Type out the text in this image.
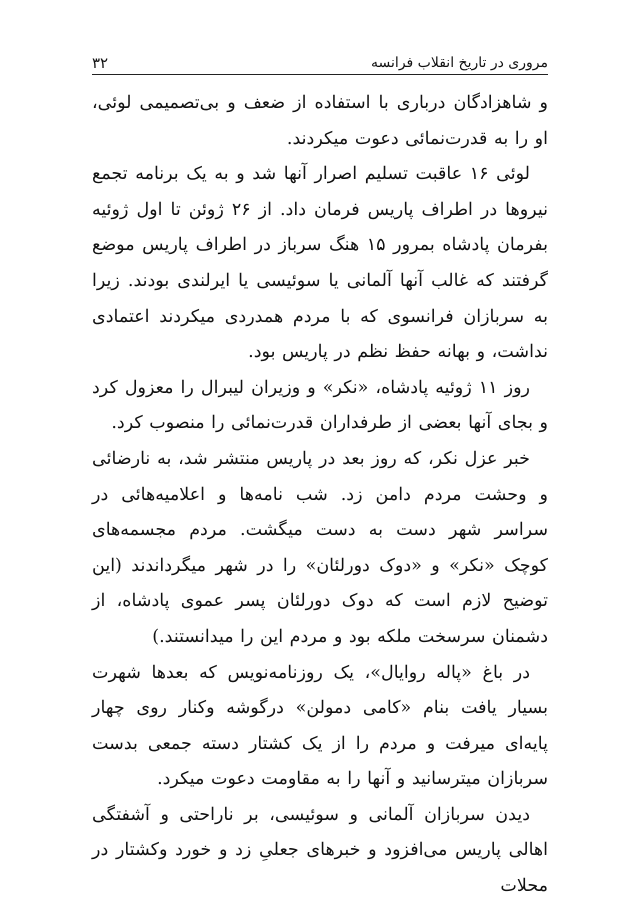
۳۲	مروری در تاریخ انقلاب فرانسه

و شاهزادگان درباری با استفاده از ضعف و بی‌تصمیمی لوئی، او را به قدرت‌نمائی دعوت میکردند.

لوئی ۱۶ عاقبت تسلیم اصرار آنها شد و به یک برنامه تجمع نیروها در اطراف پاریس فرمان داد. از ۲۶ ژوئن تا اول ژوئیه بفرمان پادشاه بمرور ۱۵ هنگ سرباز در اطراف پاریس موضع گرفتند که غالب آنها آلمانی یا سوئیسی یا ایرلندی بودند. زیرا به سربازان فرانسوی که با مردم همدردی میکردند اعتمادی نداشت، و بهانه حفظ نظم در پاریس بود.

روز ۱۱ ژوئیه پادشاه، «نکر» و وزیران لیبرال را معزول کرد و بجای آنها بعضی از طرفداران قدرت‌نمائی را منصوب کرد.

خبر عزل نکر، که روز بعد در پاریس منتشر شد، به نارضائی و وحشت مردم دامن زد. شب نامه‌ها و اعلامیه‌هائی در سراسر شهر دست به دست میگشت. مردم مجسمه‌های کوچک «نکر» و «دوک دورلئان» را در شهر میگرداندند (این توضیح لازم است که دوک دورلئان پسر عموی پادشاه، از دشمنان سرسخت ملکه بود و مردم این را میدانستند.)

در باغ «پاله روایال»، یک روزنامه‌نویس که بعدها شهرت بسیار یافت بنام «کامی دمولن» درگوشه وکنار روی چهار پایه‌ای میرفت و مردم را از یک کشتار دسته جمعی بدست سربازان میترسانید و آنها را به مقاومت دعوت میکرد.

دیدن سربازان آلمانی و سوئیسی، بر ناراحتی و آشفتگی اهالی پاریس می‌افزود و خبرهای جعلیِ زد و خورد وکشتار در محلات
